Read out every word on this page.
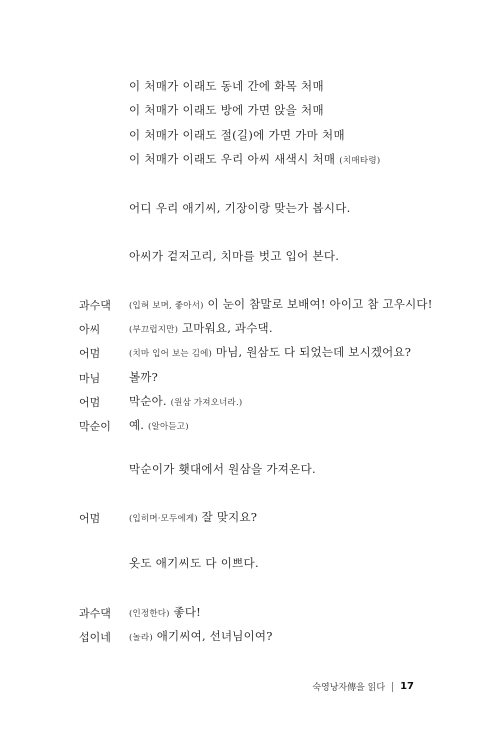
이 처매가 이래도 동네 간에 화목 처매
이 처매가 이래도 방에 가면 앉을 처매
이 처매가 이래도 절(길)에 가면 가마 처매
이 처매가 이래도 우리 아씨 새색시 처매 (치매타령)
어디 우리 애기씨, 기장이랑 맞는가 봅시다.
아씨가 겉저고리, 치마를 벗고 입어 본다.
과수댁 (입혀 보며, 좋아서) 이 눈이 참말로 보배여! 아이고 참 고우시다!
아씨	(부끄럽지만) 고마워요, 과수댁.
어멈	(치마 입어 보는 김에) 마님, 원삼도 다 되었는데 보시겠어요?
마님 볼까?
어멈 막순아. (원삼 가져오너라.)
막순이 예. (알아듣고)
막순이가 횃대에서 원삼을 가져온다.
어멈	(입히며·모두에게) 잘 맞지요?
옷도 애기씨도 다 이쁘다.
과수댁 (인정한다) 좋다!
섭이네 (놀라) 애기씨여, 선녀님이여?
숙영낭자傳을 읽다 17
